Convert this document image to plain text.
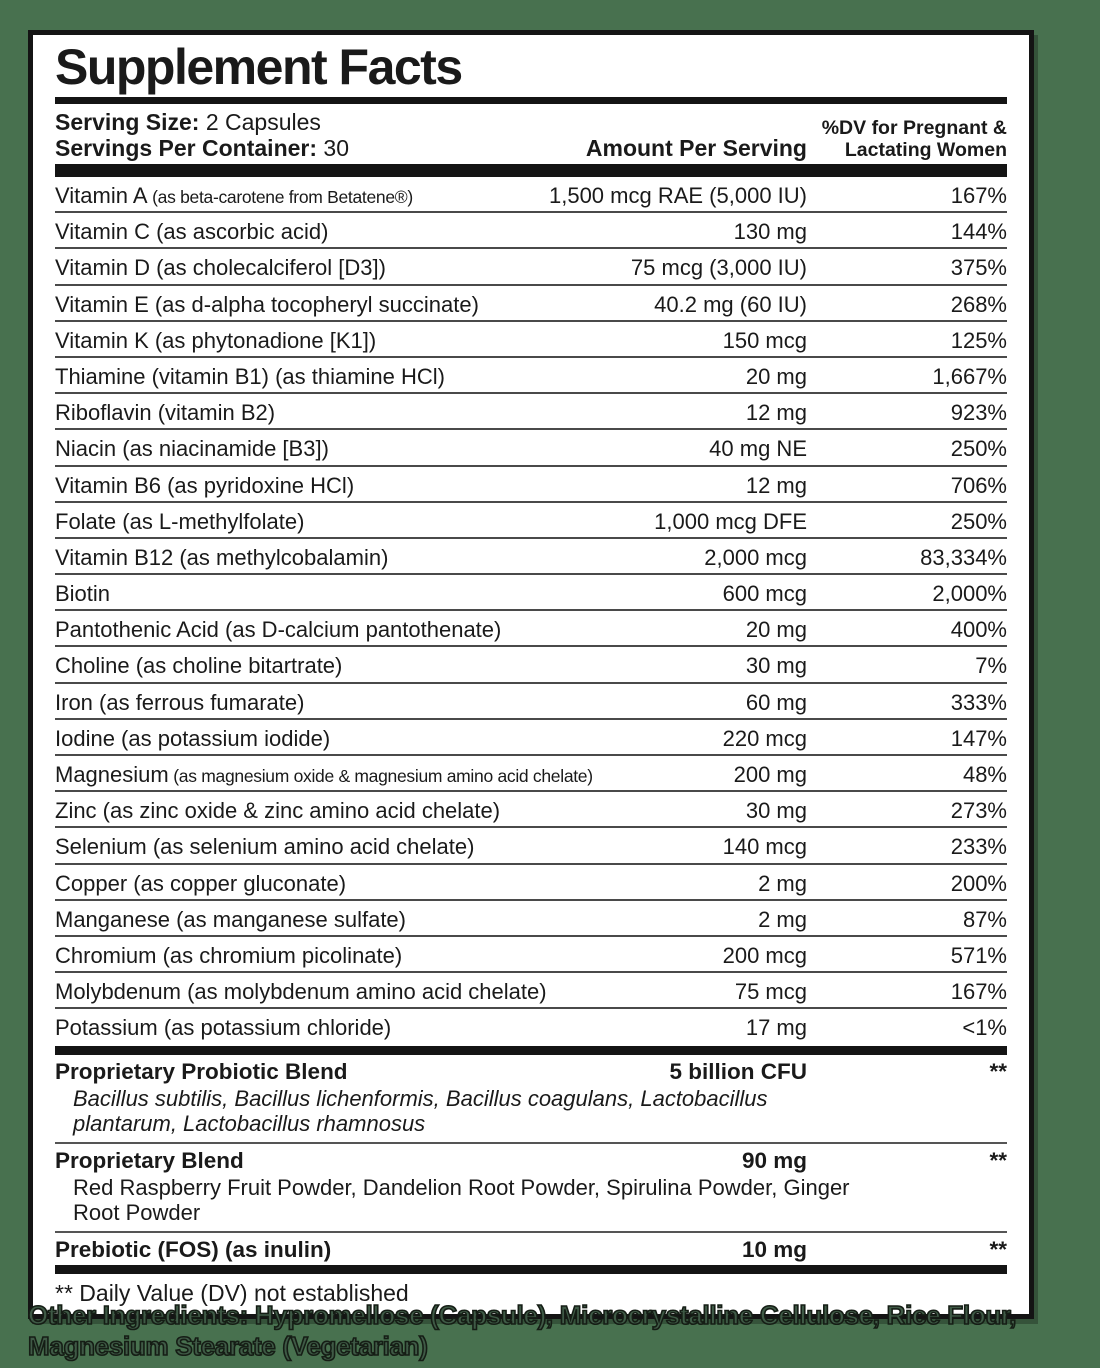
Supplement Facts
Serving Size: 2 Capsules
Servings Per Container: 30	Amount Per Serving
%DV for Pregnant &
Lactating Women
Vitamin A (as beta-carotene from Betatene®)	1,500 mcg RAE (5,000 IU)	167%
Vitamin C (as ascorbic acid)	130 mg	144%
Vitamin D (as cholecalciferol [D3])	75 mcg (3,000 IU)	375%
Vitamin E (as d-alpha tocopheryl succinate)	40.2 mg (60 IU)	268%
Vitamin K (as phytonadione [K1])	150 mcg	125%
Thiamine (vitamin B1) (as thiamine HCl)	20 mg	1,667%
Riboflavin (vitamin B2)	12 mg	923%
Niacin (as niacinamide [B3])	40 mg NE	250%
Vitamin B6 (as pyridoxine HCl)	12 mg	706%
Folate (as L-methylfolate)	1,000 mcg DFE	250%
Vitamin B12 (as methylcobalamin)	2,000 mcg	83,334%
Biotin	600 mcg	2,000%
Pantothenic Acid (as D-calcium pantothenate)	20 mg	400%
Choline (as choline bitartrate)	30 mg	7%
Iron (as ferrous fumarate)	60 mg	333%
Iodine (as potassium iodide)	220 mcg	147%
Magnesium (as magnesium oxide & magnesium amino acid chelate)	200 mg	48%
Zinc (as zinc oxide & zinc amino acid chelate)	30 mg	273%
Selenium (as selenium amino acid chelate)	140 mcg	233%
Copper (as copper gluconate)	2 mg	200%
Manganese (as manganese sulfate)	2 mg	87%
Chromium (as chromium picolinate)	200 mcg	571%
Molybdenum (as molybdenum amino acid chelate)	75 mcg	167%
Potassium (as potassium chloride)	17 mg	<1%
Proprietary Probiotic Blend	5 billion CFU	**
Bacillus subtilis, Bacillus lichenformis, Bacillus coagulans, Lactobacillus plantarum, Lactobacillus rhamnosus
Proprietary Blend	90 mg	**
Red Raspberry Fruit Powder, Dandelion Root Powder, Spirulina Powder, Ginger Root Powder
Prebiotic (FOS) (as inulin)	10 mg	**
** Daily Value (DV) not established
Other Ingredients: Hypromellose (Capsule), Microcrystalline Cellulose, Rice Flour, Magnesium Stearate (Vegetarian)
